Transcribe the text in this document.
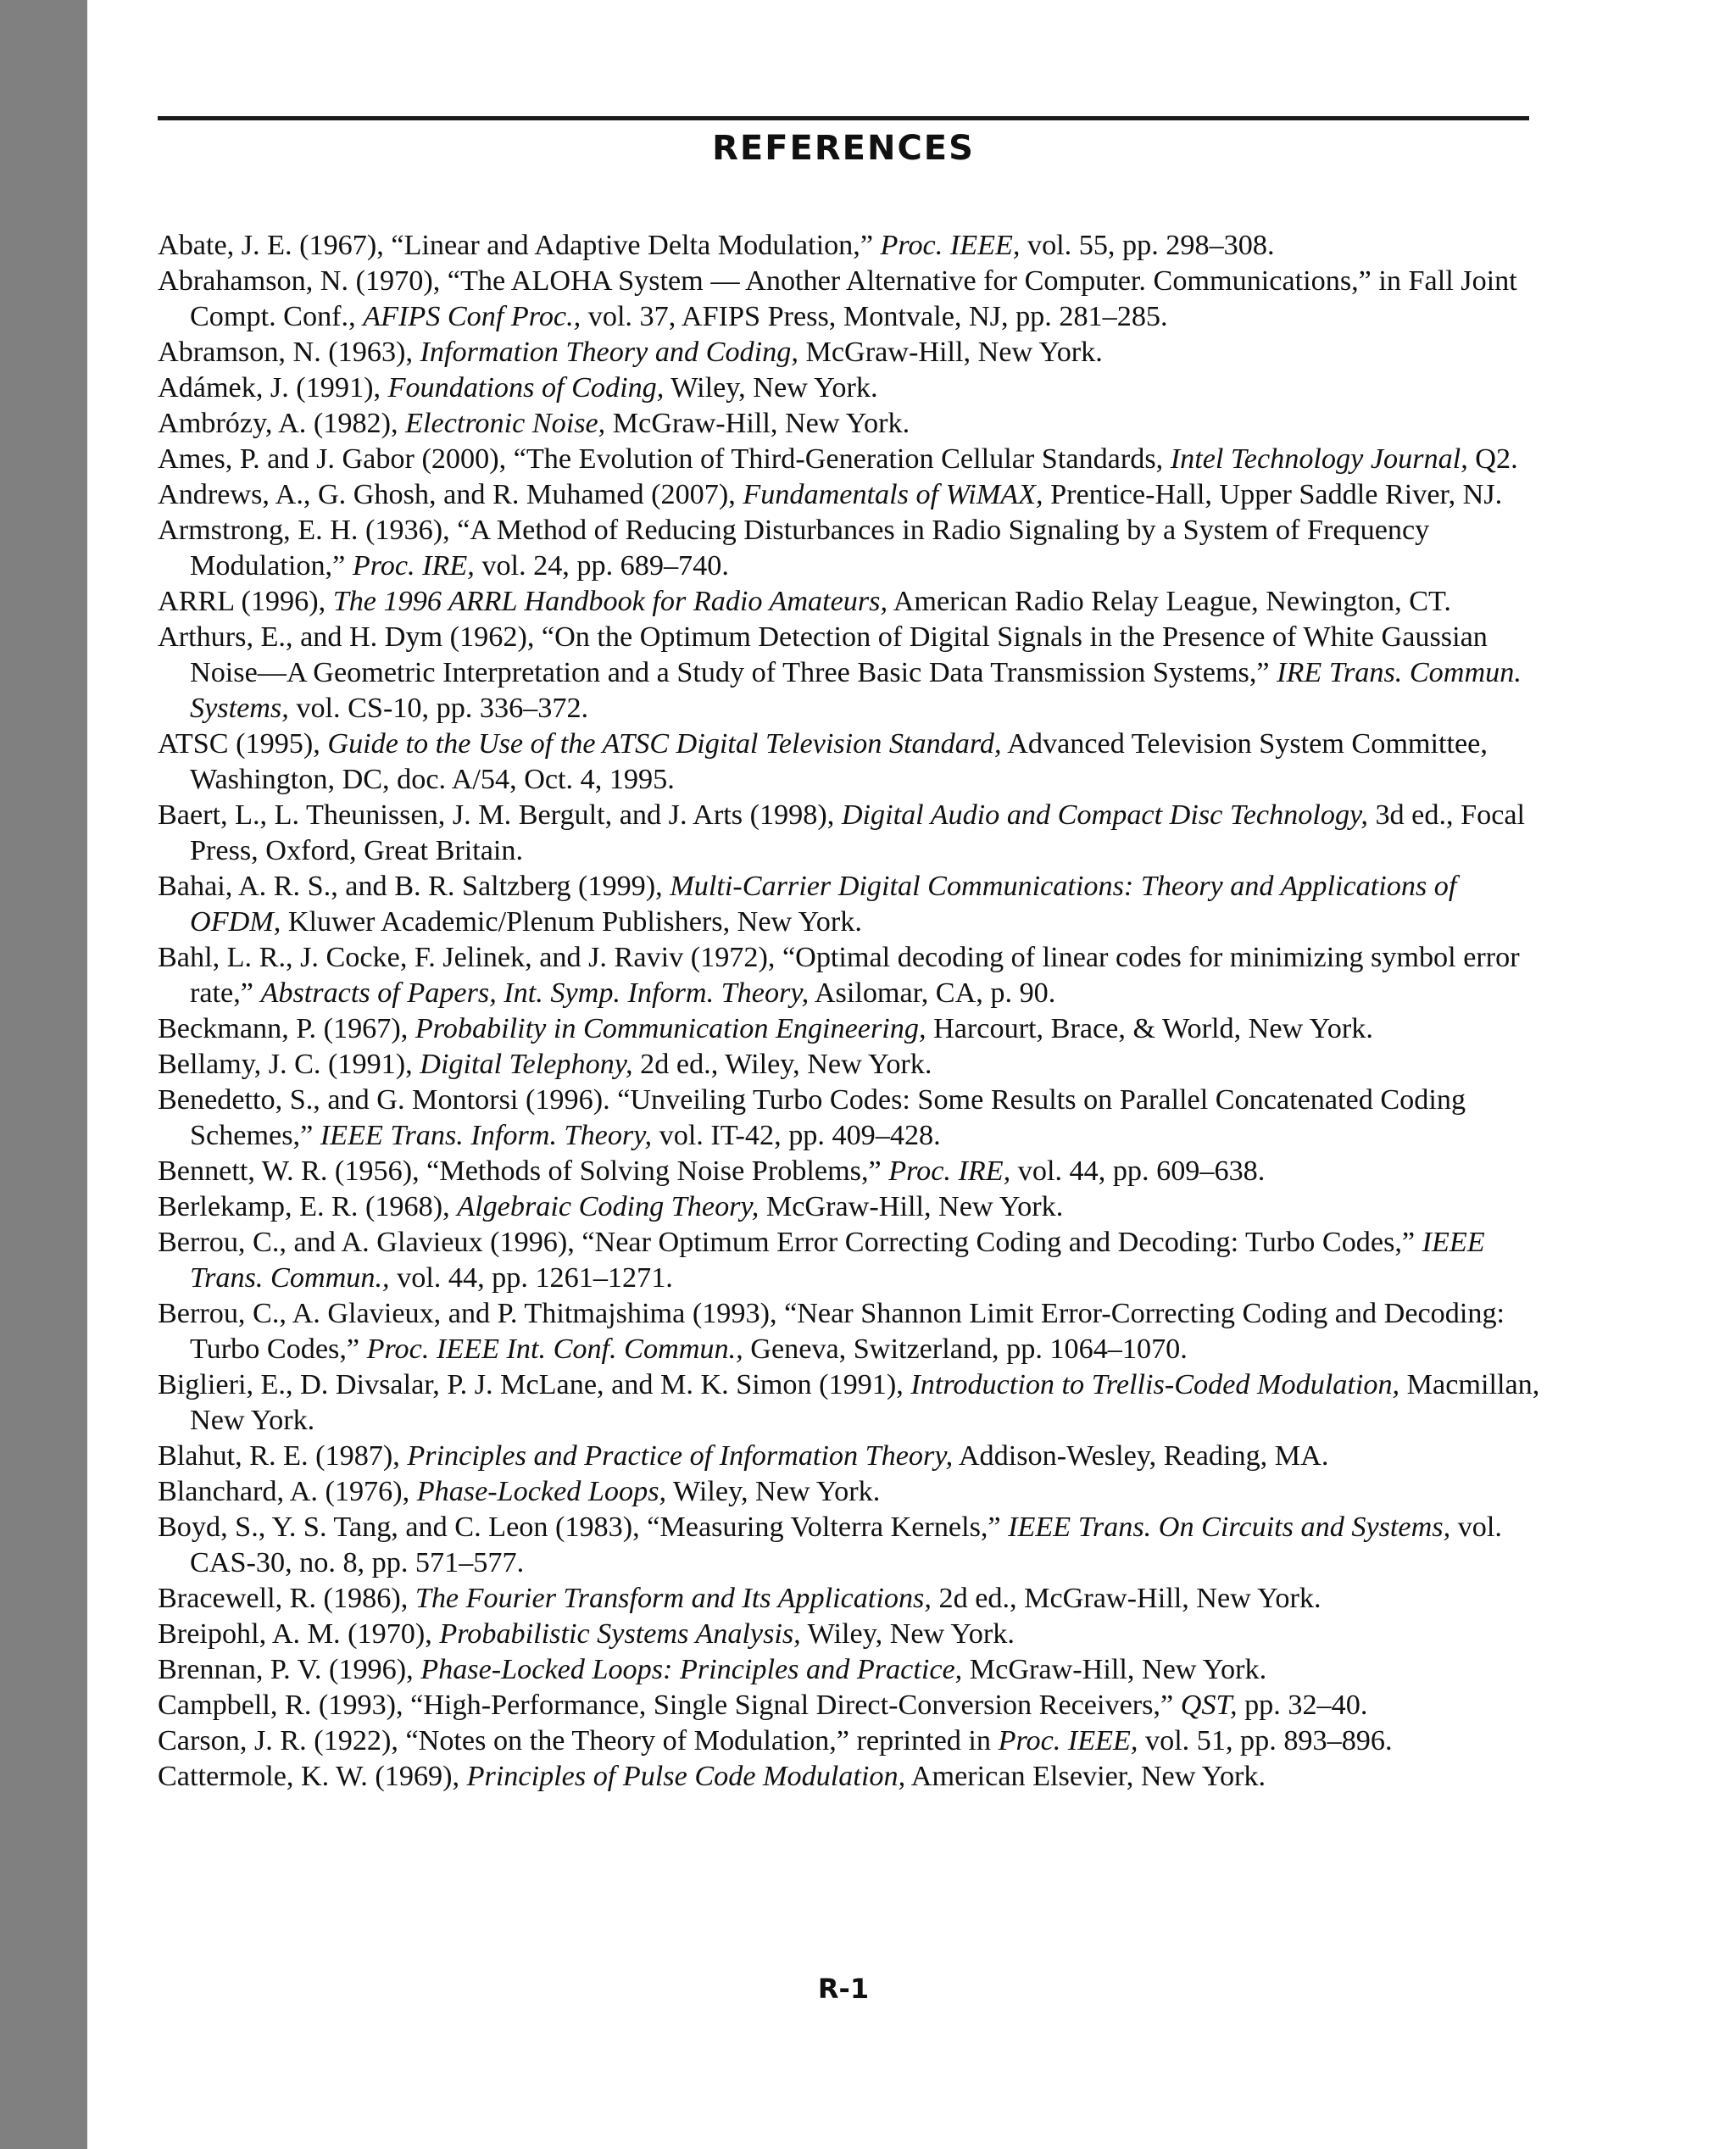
REFERENCES
Abate, J. E. (1967), “Linear and Adaptive Delta Modulation,” Proc. IEEE, vol. 55, pp. 298–308.
Abrahamson, N. (1970), “The ALOHA System — Another Alternative for Computer. Communications,” in Fall Joint Compt. Conf., AFIPS Conf Proc., vol. 37, AFIPS Press, Montvale, NJ, pp. 281–285.
Abramson, N. (1963), Information Theory and Coding, McGraw-Hill, New York.
Adámek, J. (1991), Foundations of Coding, Wiley, New York.
Ambrózy, A. (1982), Electronic Noise, McGraw-Hill, New York.
Ames, P. and J. Gabor (2000), “The Evolution of Third-Generation Cellular Standards, Intel Technology Journal, Q2.
Andrews, A., G. Ghosh, and R. Muhamed (2007), Fundamentals of WiMAX, Prentice-Hall, Upper Saddle River, NJ.
Armstrong, E. H. (1936), “A Method of Reducing Disturbances in Radio Signaling by a System of Frequency Modulation,” Proc. IRE, vol. 24, pp. 689–740.
ARRL (1996), The 1996 ARRL Handbook for Radio Amateurs, American Radio Relay League, Newington, CT.
Arthurs, E., and H. Dym (1962), “On the Optimum Detection of Digital Signals in the Presence of White Gaussian Noise—A Geometric Interpretation and a Study of Three Basic Data Transmission Systems,” IRE Trans. Commun. Systems, vol. CS-10, pp. 336–372.
ATSC (1995), Guide to the Use of the ATSC Digital Television Standard, Advanced Television System Committee, Washington, DC, doc. A/54, Oct. 4, 1995.
Baert, L., L. Theunissen, J. M. Bergult, and J. Arts (1998), Digital Audio and Compact Disc Technology, 3d ed., Focal Press, Oxford, Great Britain.
Bahai, A. R. S., and B. R. Saltzberg (1999), Multi-Carrier Digital Communications: Theory and Applications of OFDM, Kluwer Academic/Plenum Publishers, New York.
Bahl, L. R., J. Cocke, F. Jelinek, and J. Raviv (1972), “Optimal decoding of linear codes for minimizing symbol error rate,” Abstracts of Papers, Int. Symp. Inform. Theory, Asilomar, CA, p. 90.
Beckmann, P. (1967), Probability in Communication Engineering, Harcourt, Brace, & World, New York.
Bellamy, J. C. (1991), Digital Telephony, 2d ed., Wiley, New York.
Benedetto, S., and G. Montorsi (1996). “Unveiling Turbo Codes: Some Results on Parallel Concatenated Coding Schemes,” IEEE Trans. Inform. Theory, vol. IT-42, pp. 409–428.
Bennett, W. R. (1956), “Methods of Solving Noise Problems,” Proc. IRE, vol. 44, pp. 609–638.
Berlekamp, E. R. (1968), Algebraic Coding Theory, McGraw-Hill, New York.
Berrou, C., and A. Glavieux (1996), “Near Optimum Error Correcting Coding and Decoding: Turbo Codes,” IEEE Trans. Commun., vol. 44, pp. 1261–1271.
Berrou, C., A. Glavieux, and P. Thitmajshima (1993), “Near Shannon Limit Error-Correcting Coding and Decoding: Turbo Codes,” Proc. IEEE Int. Conf. Commun., Geneva, Switzerland, pp. 1064–1070.
Biglieri, E., D. Divsalar, P. J. McLane, and M. K. Simon (1991), Introduction to Trellis-Coded Modulation, Macmillan, New York.
Blahut, R. E. (1987), Principles and Practice of Information Theory, Addison-Wesley, Reading, MA.
Blanchard, A. (1976), Phase-Locked Loops, Wiley, New York.
Boyd, S., Y. S. Tang, and C. Leon (1983), “Measuring Volterra Kernels,” IEEE Trans. On Circuits and Systems, vol. CAS-30, no. 8, pp. 571–577.
Bracewell, R. (1986), The Fourier Transform and Its Applications, 2d ed., McGraw-Hill, New York.
Breipohl, A. M. (1970), Probabilistic Systems Analysis, Wiley, New York.
Brennan, P. V. (1996), Phase-Locked Loops: Principles and Practice, McGraw-Hill, New York.
Campbell, R. (1993), “High-Performance, Single Signal Direct-Conversion Receivers,” QST, pp. 32–40.
Carson, J. R. (1922), “Notes on the Theory of Modulation,” reprinted in Proc. IEEE, vol. 51, pp. 893–896.
Cattermole, K. W. (1969), Principles of Pulse Code Modulation, American Elsevier, New York.
R-1
